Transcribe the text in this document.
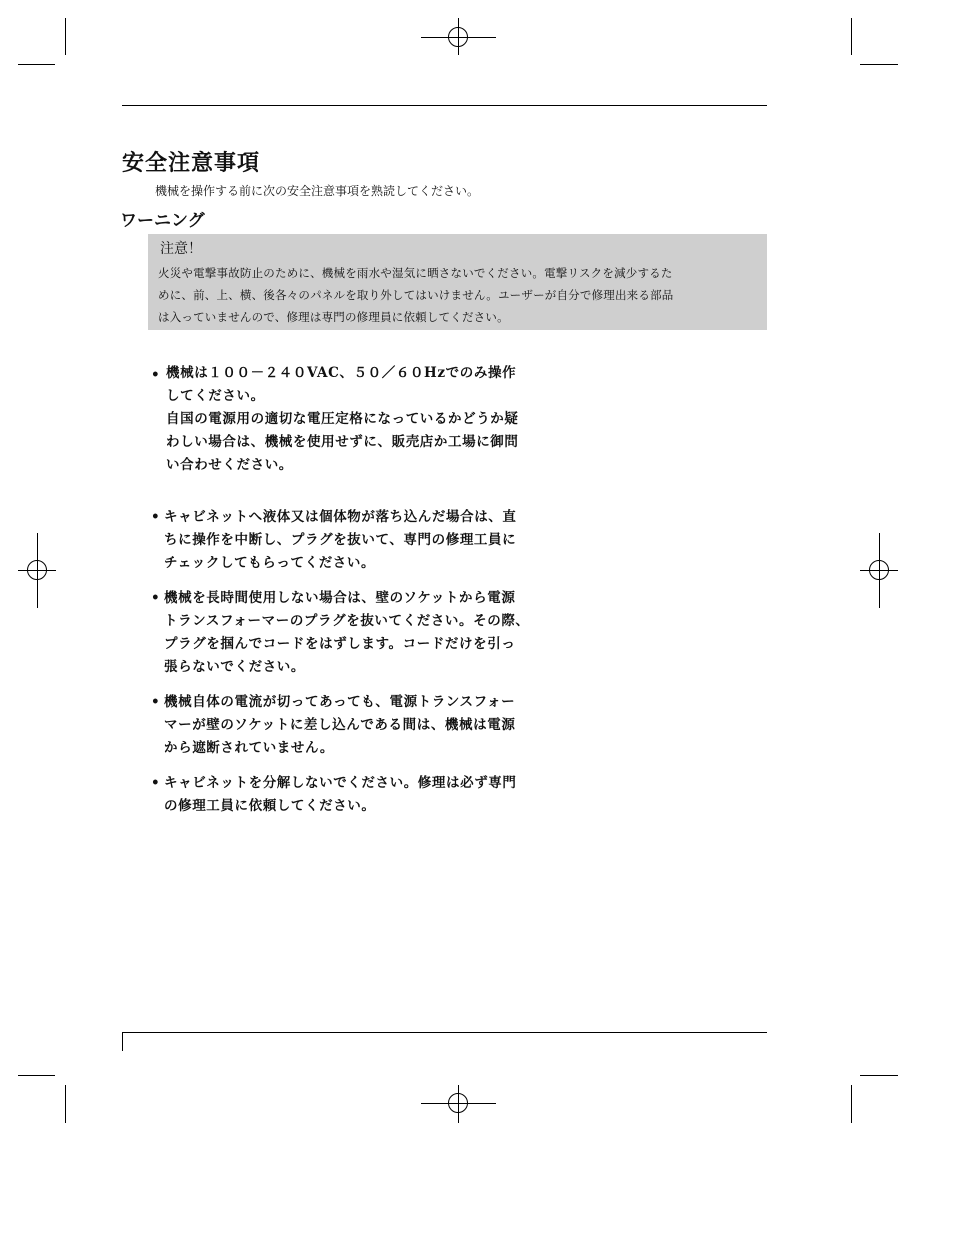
安全注意事項
機械を操作する前に次の安全注意事項を熟読してください。
ワーニング
注意！
火災や電撃事故防止のために、機械を雨水や湿気に晒さないでください。電撃リスクを減少するた
めに、前、上、横、後各々のパネルを取り外してはいけません。ユーザーが自分で修理出来る部品
は入っていませんので、修理は専門の修理員に依頼してください。
• 機械は１００－２４０VAC、５０／６０Hzでのみ操作
してください。
自国の電源用の適切な電圧定格になっているかどうか疑
わしい場合は、機械を使用せずに、販売店か工場に御問
い合わせください。
• キャビネットへ液体又は個体物が落ち込んだ場合は、直
ちに操作を中断し、プラグを抜いて、専門の修理工員に
チェックしてもらってください。
• 機械を長時間使用しない場合は、壁のソケットから電源
トランスフォーマーのプラグを抜いてください。その際、
プラグを掴んでコードをはずします。コードだけを引っ
張らないでください。
• 機械自体の電流が切ってあっても、電源トランスフォー
マーが壁のソケットに差し込んである間は、機械は電源
から遮断されていません。
• キャビネットを分解しないでください。修理は必ず専門
の修理工員に依頼してください。
